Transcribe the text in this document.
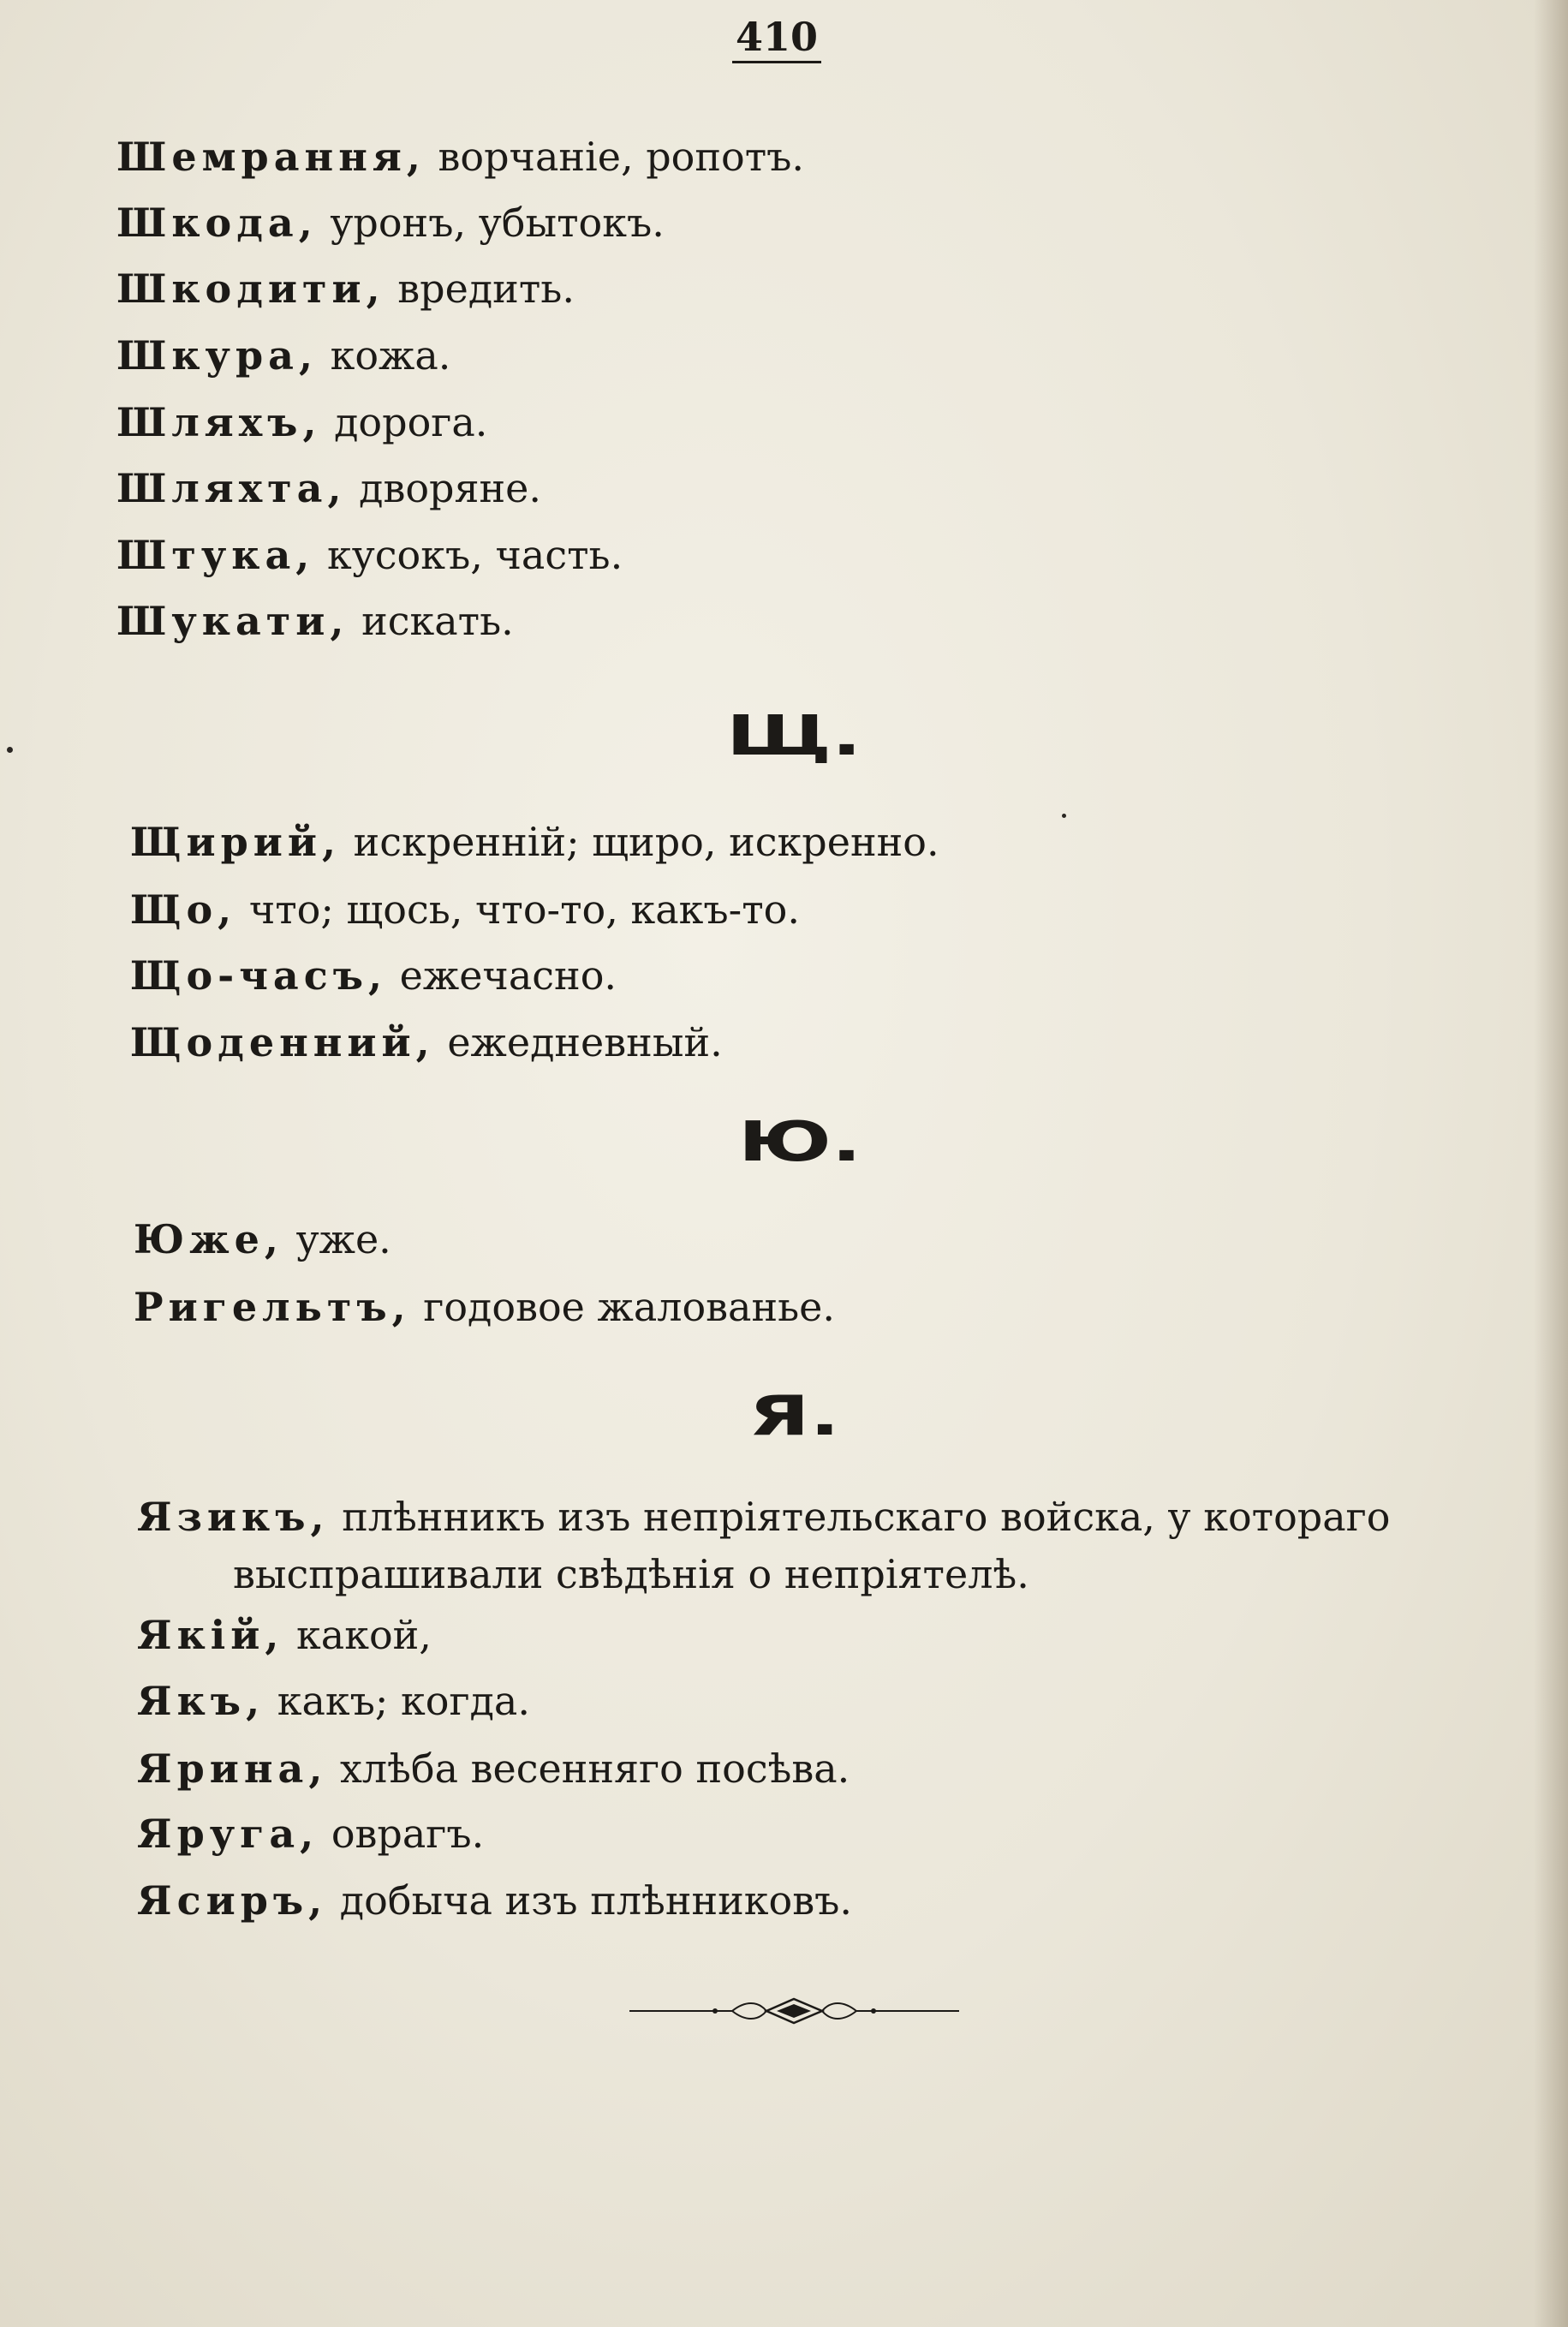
410
Шемрання, ворчаніе, ропотъ.
Шкода, уронъ, убытокъ.
Шкодити, вредить.
Шкура, кожа.
Шляхъ, дорога.
Шляхта, дворяне.
Штука, кусокъ, часть.
Шукати, искать.
Щ.
Щирий, искренній; щиро, искренно.
Що, что; щось, что-то, какъ-то.
Що-часъ, ежечасно.
Щоденний, ежедневный.
Ю.
Юже, уже.
Ригельтъ, годовое жалованье.
Я.
Язикъ, плѣнникъ изъ непріятельскаго войска, у котораго
выспрашивали свѣдѣнія о непріятелѣ.
Якій, какой,
Якъ, какъ; когда.
Ярина, хлѣба весенняго посѣва.
Яруга, оврагъ.
Ясиръ, добыча изъ плѣнниковъ.
